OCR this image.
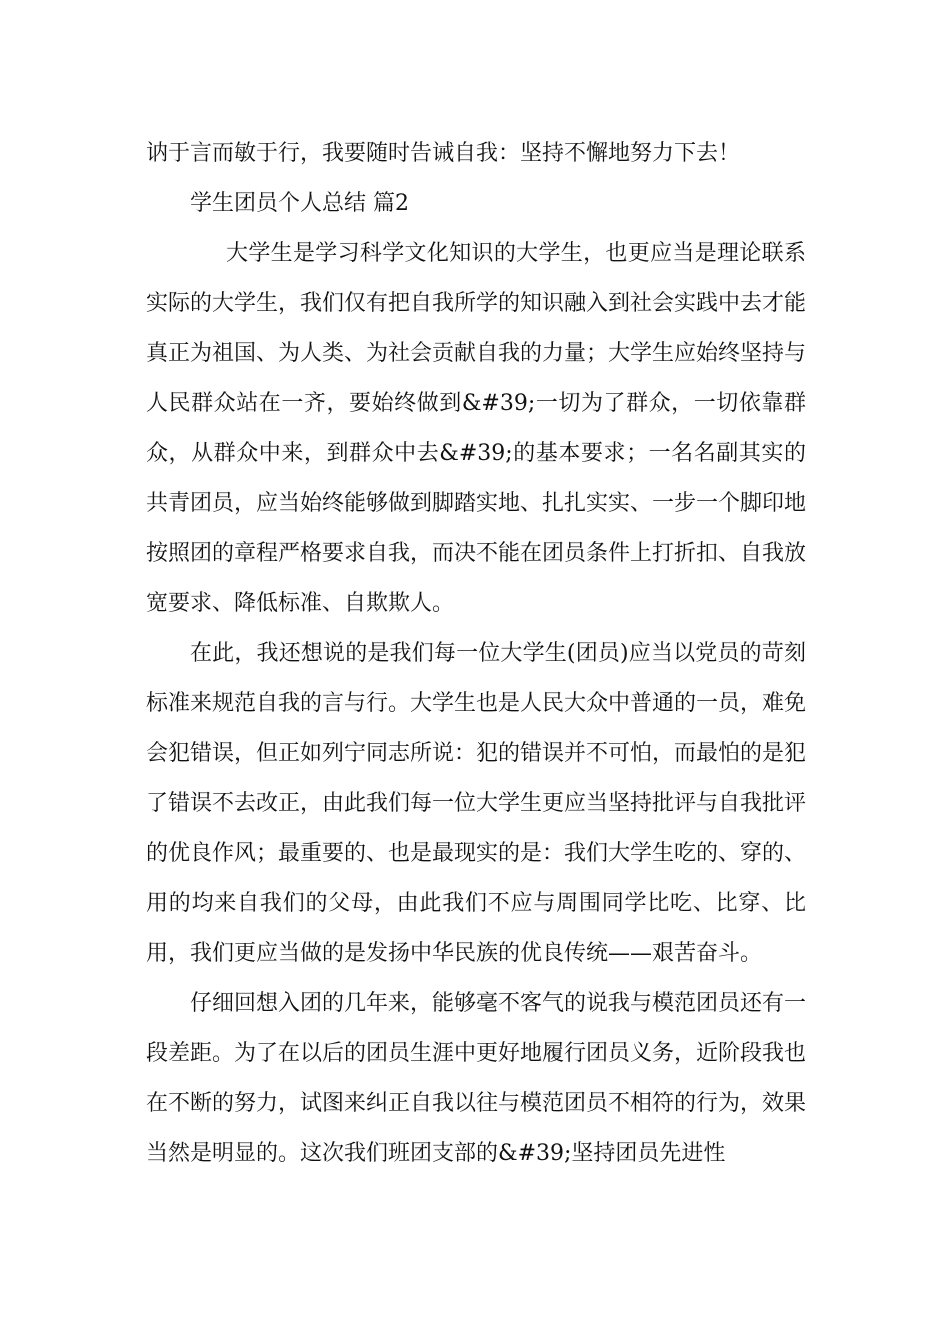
讷于言而敏于行，我要随时告诫自我：坚持不懈地努力下去！

学生团员个人总结 篇2

大学生是学习科学文化知识的大学生，也更应当是理论联系实际的大学生，我们仅有把自我所学的知识融入到社会实践中去才能真正为祖国、为人类、为社会贡献自我的力量；大学生应始终坚持与人民群众站在一齐，要始终做到&#39;一切为了群众，一切依靠群众，从群众中来，到群众中去&#39;的基本要求；一名名副其实的共青团员，应当始终能够做到脚踏实地、扎扎实实、一步一个脚印地按照团的章程严格要求自我，而决不能在团员条件上打折扣、自我放宽要求、降低标准、自欺欺人。

在此，我还想说的是我们每一位大学生(团员)应当以党员的苛刻标准来规范自我的言与行。大学生也是人民大众中普通的一员，难免会犯错误，但正如列宁同志所说：犯的错误并不可怕，而最怕的是犯了错误不去改正，由此我们每一位大学生更应当坚持批评与自我批评的优良作风；最重要的、也是最现实的是：我们大学生吃的、穿的、用的均来自我们的父母，由此我们不应与周围同学比吃、比穿、比用，我们更应当做的是发扬中华民族的优良传统——艰苦奋斗。

仔细回想入团的几年来，能够毫不客气的说我与模范团员还有一段差距。为了在以后的团员生涯中更好地履行团员义务，近阶段我也在不断的努力，试图来纠正自我以往与模范团员不相符的行为，效果当然是明显的。这次我们班团支部的&#39;坚持团员先进性
